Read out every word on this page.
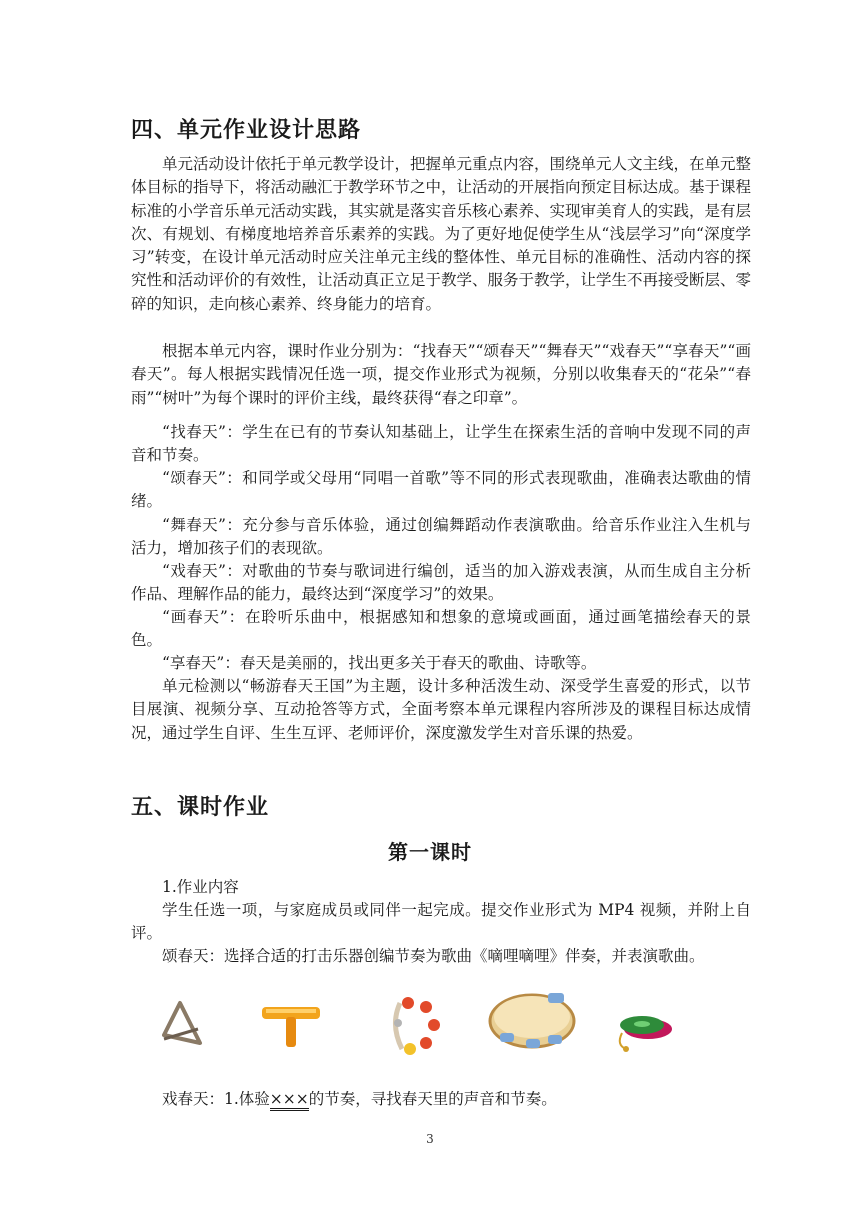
四、单元作业设计思路

单元活动设计依托于单元教学设计，把握单元重点内容，围绕单元人文主线，在单元整体目标的指导下，将活动融汇于教学环节之中，让活动的开展指向预定目标达成。基于课程标准的小学音乐单元活动实践，其实就是落实音乐核心素养、实现审美育人的实践，是有层次、有规划、有梯度地培养音乐素养的实践。为了更好地促使学生从“浅层学习”向“深度学习”转变，在设计单元活动时应关注单元主线的整体性、单元目标的准确性、活动内容的探究性和活动评价的有效性，让活动真正立足于教学、服务于教学，让学生不再接受断层、零碎的知识，走向核心素养、终身能力的培育。

根据本单元内容，课时作业分别为：“找春天”“颂春天”“舞春天”“戏春天”“享春天”“画春天”。每人根据实践情况任选一项，提交作业形式为视频，分别以收集春天的“花朵”“春雨”“树叶”为每个课时的评价主线，最终获得“春之印章”。

“找春天”：学生在已有的节奏认知基础上，让学生在探索生活的音响中发现不同的声音和节奏。

“颂春天”：和同学或父母用“同唱一首歌”等不同的形式表现歌曲，准确表达歌曲的情绪。

“舞春天”：充分参与音乐体验，通过创编舞蹈动作表演歌曲。给音乐作业注入生机与活力，增加孩子们的表现欲。

“戏春天”：对歌曲的节奏与歌词进行编创，适当的加入游戏表演，从而生成自主分析作品、理解作品的能力，最终达到“深度学习”的效果。

“画春天”：在聆听乐曲中，根据感知和想象的意境或画面，通过画笔描绘春天的景色。

“享春天”：春天是美丽的，找出更多关于春天的歌曲、诗歌等。

单元检测以“畅游春天王国”为主题，设计多种活泼生动、深受学生喜爱的形式，以节目展演、视频分享、互动抢答等方式，全面考察本单元课程内容所涉及的课程目标达成情况，通过学生自评、生生互评、老师评价，深度激发学生对音乐课的热爱。

五、课时作业
第一课时

1.作业内容

学生任选一项，与家庭成员或同伴一起完成。提交作业形式为 MP4 视频，并附上自评。

颂春天：选择合适的打击乐器创编节奏为歌曲《嘀哩嘀哩》伴奏，并表演歌曲。

戏春天：1.体验×××的节奏，寻找春天里的声音和节奏。

3
